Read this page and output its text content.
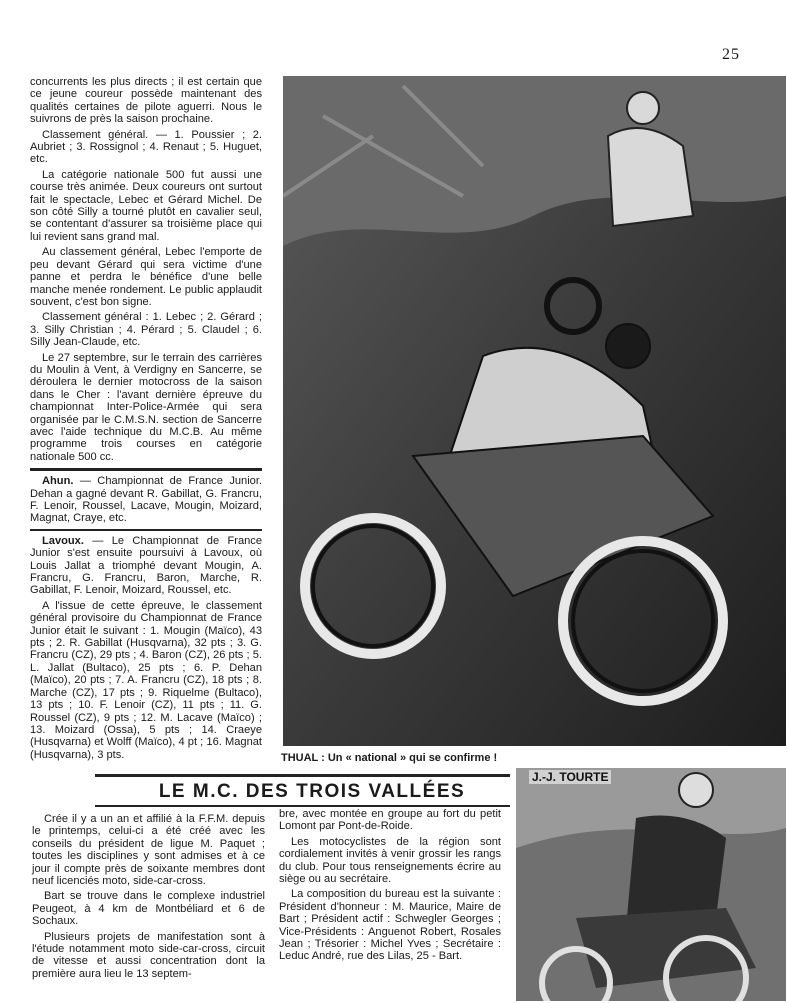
25

concurrents les plus directs ; il est certain que ce jeune coureur possède maintenant des qualités certaines de pilote aguerri. Nous le suivrons de près la saison prochaine.

Classement général. — 1. Poussier ; 2. Aubriet ; 3. Rossignol ; 4. Renaut ; 5. Huguet, etc.

La catégorie nationale 500 fut aussi une course très animée. Deux coureurs ont surtout fait le spectacle, Lebec et Gérard Michel. De son côté Silly a tourné plutôt en cavalier seul, se contentant d'assurer sa troisième place qui lui revient sans grand mal.

Au classement général, Lebec l'emporte de peu devant Gérard qui sera victime d'une panne et perdra le bénéfice d'une belle manche menée rondement. Le public applaudit souvent, c'est bon signe.

Classement général : 1. Lebec ; 2. Gérard ; 3. Silly Christian ; 4. Pérard ; 5. Claudel ; 6. Silly Jean-Claude, etc.

Le 27 septembre, sur le terrain des carrières du Moulin à Vent, à Verdigny en Sancerre, se déroulera le dernier motocross de la saison dans le Cher : l'avant dernière épreuve du championnat Inter-Police-Armée qui sera organisée par le C.M.S.N. section de Sancerre avec l'aide technique du M.C.B. Au même programme trois courses en catégorie nationale 500 cc.

Ahun. — Championnat de France Junior. Dehan a gagné devant R. Gabillat, G. Francru, F. Lenoir, Roussel, Lacave, Mougin, Moizard, Magnat, Craye, etc.

Lavoux. — Le Championnat de France Junior s'est ensuite poursuivi à Lavoux, où Louis Jallat a triomphé devant Mougin, A. Francru, G. Francru, Baron, Marche, R. Gabillat, F. Lenoir, Moizard, Roussel, etc.

A l'issue de cette épreuve, le classement général provisoire du Championnat de France Junior était le suivant : 1. Mougin (Maïco), 43 pts ; 2. R. Gabillat (Husqvarna), 32 pts ; 3. G. Francru (CZ), 29 pts ; 4. Baron (CZ), 26 pts ; 5. L. Jallat (Bultaco), 25 pts ; 6. P. Dehan (Maïco), 20 pts ; 7. A. Francru (CZ), 18 pts ; 8. Marche (CZ), 17 pts ; 9. Riquelme (Bultaco), 13 pts ; 10. F. Lenoir (CZ), 11 pts ; 11. G. Roussel (CZ), 9 pts ; 12. M. Lacave (Maïco) ; 13. Moizard (Ossa), 5 pts ; 14. Craeye (Husqvarna) et Wolff (Maïco), 4 pt ; 16. Magnat (Husqvarna), 3 pts.	THUAL : Un « national » qui se confirme !
LE M.C. DES TROIS VALLÉES

Crée il y a un an et affilié à la F.F.M. depuis le printemps, celui-ci a été créé avec les conseils du président de ligue M. Paquet ; toutes les disciplines y sont admises et à ce jour il compte près de soixante membres dont neuf licenciés moto, side-car-cross.

Bart se trouve dans le complexe industriel Peugeot, à 4 km de Montbéliard et 6 de Sochaux.

Plusieurs projets de manifestation sont à l'étude notamment moto side-car-cross, circuit de vitesse et aussi concentration dont la première aura lieu le 13 septem-

bre, avec montée en groupe au fort du petit Lomont par Pont-de-Roide.

Les motocyclistes de la région sont cordialement invités à venir grossir les rangs du club. Pour tous renseignements écrire au siège ou au secrétaire.

La composition du bureau est la suivante : Président d'honneur : M. Maurice, Maire de Bart ; Président actif : Schwegler Georges ; Vice-Présidents : Anguenot Robert, Rosales Jean ; Trésorier : Michel Yves ; Secrétaire : Leduc André, rue des Lilas, 25 - Bart.

J.-J. TOURTE
